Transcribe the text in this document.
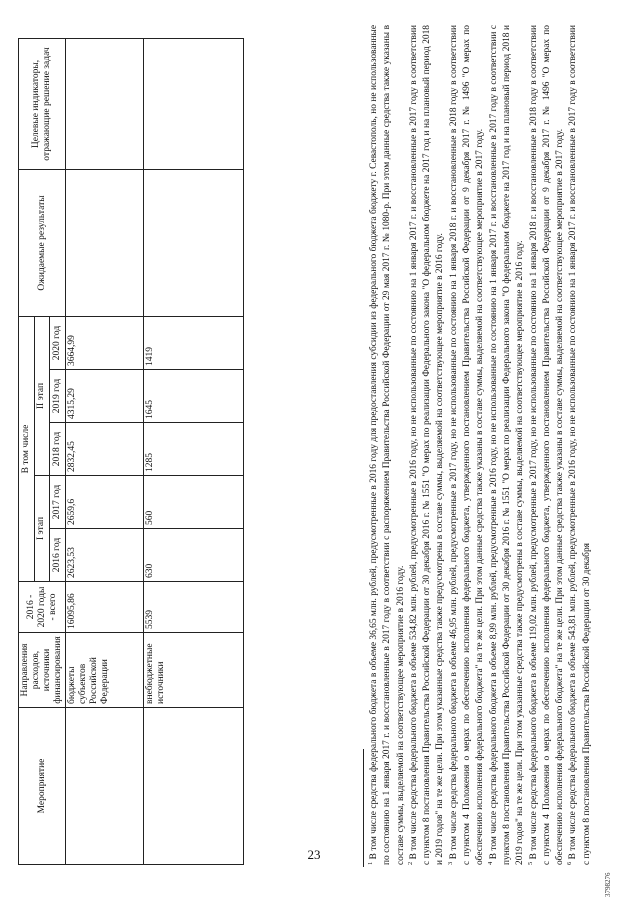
23
Мероприятие	Направления расходов, источники финансирования	2016 - 2020 годы - всего	В том числе					Ожидаемые результаты	Целевые индикаторы, отражающие решение задач
			I этап		II этап				
			2016 год	2017 год	2018 год	2019 год	2020 год		
	бюджеты субъектов Российской Федерации	16095,86	2623,53	2659,6	2832,45	4315,29	3664,99		
	внебюджетные источники	5539	630	560	1285	1645	1419		

$^1$ В том числе средства федерального бюджета в объеме 36,65 млн. рублей, предусмотренные в 2016 году для предоставления субсидии из федерального бюджета бюджету г. Севастополь, но не использованные по состоянию на 1 января 2017 г. и восстановленные в 2017 году в соответствии с распоряжением Правительства Российской Федерации от 29 мая 2017 г. № 1080-р. При этом данные средства также указаны в составе суммы, выделяемой на соответствующее мероприятие в 2016 году. $^2$ В том числе средства федерального бюджета в объеме 534,82 млн. рублей, предусмотренные в 2016 году, но не использованные по состоянию на 1 января 2017 г. и восстановленные в 2017 году в соответствии с пунктом 8 постановления Правительства Российской Федерации от 30 декабря 2016 г. № 1551 "О мерах по реализации Федерального закона "О федеральном бюджете на 2017 год и на плановый период 2018 и 2019 годов" на те же цели. При этом указанные средства также предусмотрены в составе суммы, выделяемой на соответствующее мероприятие в 2016 году. $^3$ В том числе средства федерального бюджета в объеме 46,95 млн. рублей, предусмотренные в 2017 году, но не использованные по состоянию на 1 января 2018 г. и восстановленные в 2018 году в соответствии с пунктом 4 Положения о мерах по обеспечению исполнения федерального бюджета, утвержденного постановлением Правительства Российской Федерации от 9 декабря 2017 г. № 1496 "О мерах по обеспечению исполнения федерального бюджета" на те же цели. При этом данные средства также указаны в составе суммы, выделяемой на соответствующее мероприятие в 2017 году. $^4$ В том числе средства федерального бюджета в объеме 8,99 млн. рублей, предусмотренные в 2016 году, но не использованные по состоянию на 1 января 2017 г. и восстановленные в 2017 году в соответствии с пунктом 8 постановления Правительства Российской Федерации от 30 декабря 2016 г. № 1551 "О мерах по реализации Федерального закона "О федеральном бюджете на 2017 год и на плановый период 2018 и 2019 годов" на те же цели. При этом указанные средства также предусмотрены в составе суммы, выделяемой на соответствующее мероприятие в 2016 году. $^5$ В том числе средства федерального бюджета в объеме 119,02 млн. рублей, предусмотренные в 2017 году, но не использованные по состоянию на 1 января 2018 г. и восстановленные в 2018 году в соответствии с пунктом 4 Положения о мерах по обеспечению исполнения федерального бюджета, утвержденного постановлением Правительства Российской Федерации от 9 декабря 2017 г. № 1496 "О мерах по обеспечению исполнения федерального бюджета" на те же цели. При этом данные средства также указаны в составе суммы, выделяемой на соответствующее мероприятие в 2017 году. $^6$ В том числе средства федерального бюджета в объеме 543,81 млн. рублей, предусмотренные в 2016 году, но не использованные по состоянию на 1 января 2017 г. и восстановленные в 2017 году в соответствии с пунктом 8 постановления Правительства Российской Федерации от 30 декабря

3798276
